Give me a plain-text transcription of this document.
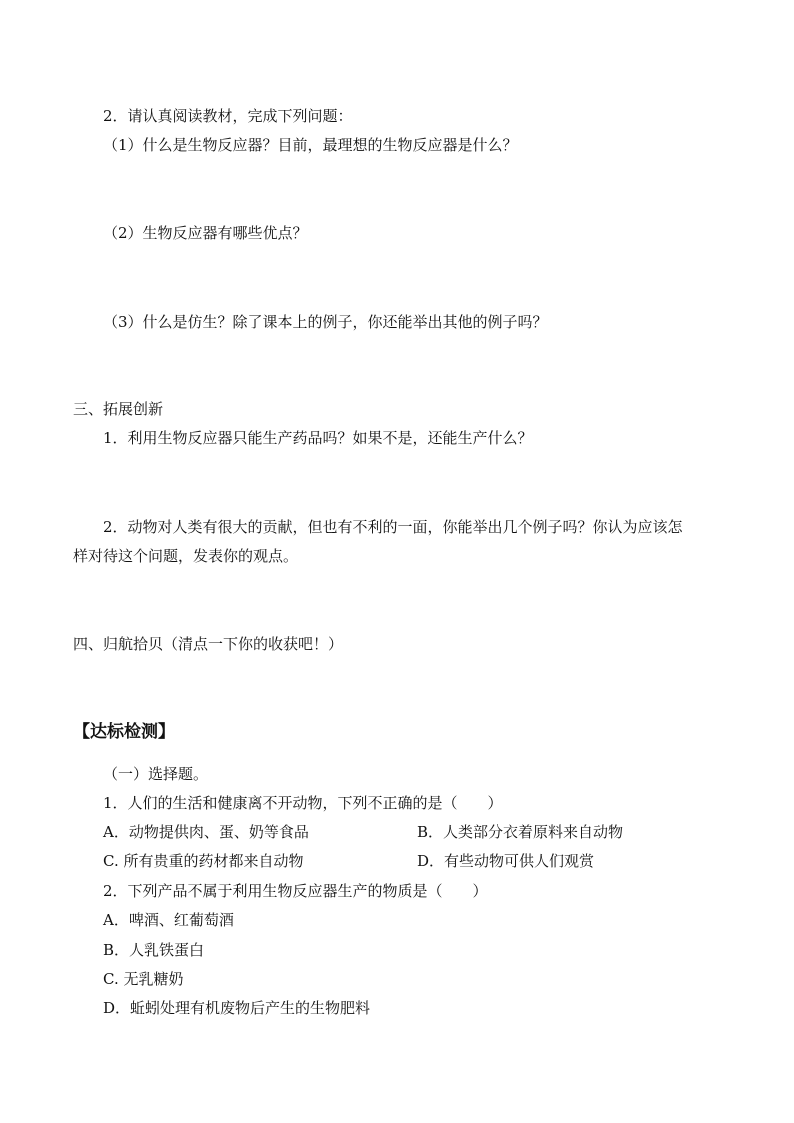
2．请认真阅读教材，完成下列问题：
（1）什么是生物反应器？目前，最理想的生物反应器是什么？
（2）生物反应器有哪些优点？
（3）什么是仿生？除了课本上的例子，你还能举出其他的例子吗？
三、拓展创新
1．利用生物反应器只能生产药品吗？如果不是，还能生产什么？
2．动物对人类有很大的贡献，但也有不利的一面，你能举出几个例子吗？你认为应该怎
样对待这个问题，发表你的观点。
四、归航拾贝（清点一下你的收获吧！）
【达标检测】
（一）选择题。
1．人们的生活和健康离不开动物，下列不正确的是（　　）
A．动物提供肉、蛋、奶等食品	B．人类部分衣着原料来自动物
C. 所有贵重的药材都来自动物	D．有些动物可供人们观赏
2．下列产品不属于利用生物反应器生产的物质是（　　）
A．啤酒、红葡萄酒
B．人乳铁蛋白
C. 无乳糖奶
D．蚯蚓处理有机废物后产生的生物肥料
